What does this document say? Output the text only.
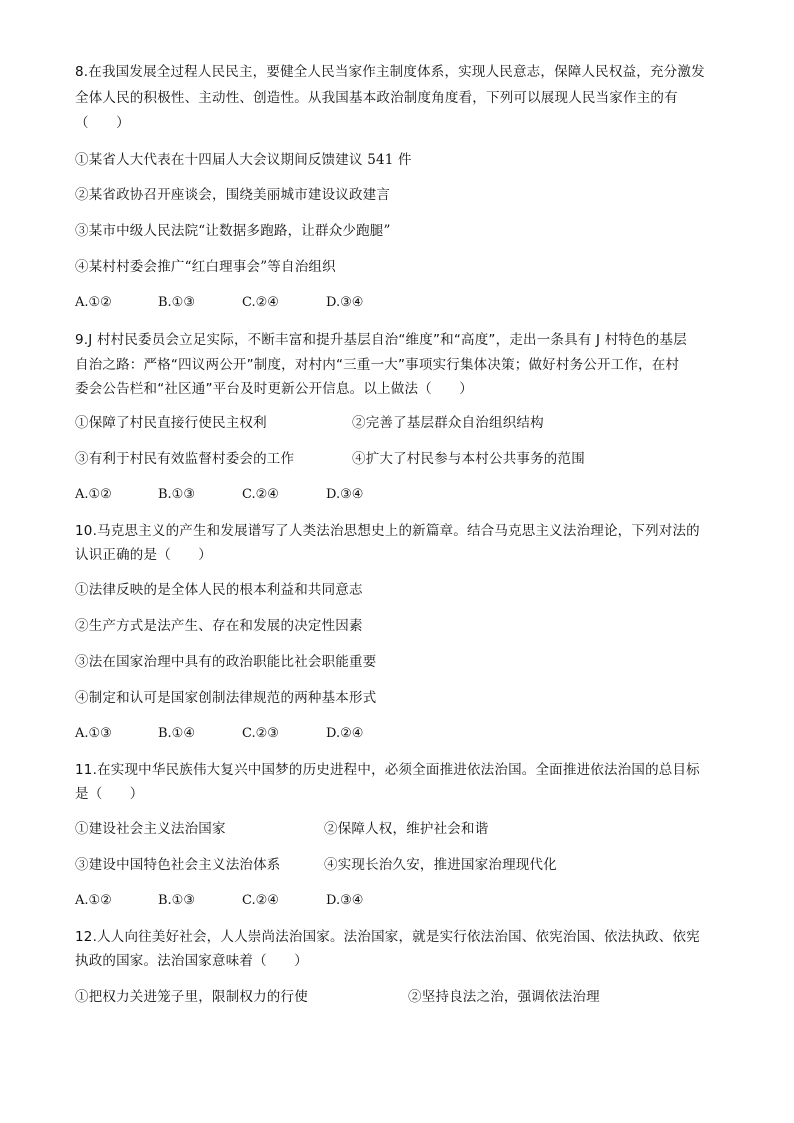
8.在我国发展全过程人民民主，要健全人民当家作主制度体系，实现人民意志，保障人民权益，充分激发
全体人民的积极性、主动性、创造性。从我国基本政治制度角度看，下列可以展现人民当家作主的有
（　　）
①某省人大代表在十四届人大会议期间反馈建议 541 件
②某省政协召开座谈会，围绕美丽城市建设议政建言
③某市中级人民法院“让数据多跑路，让群众少跑腿”
④某村村委会推广“红白理事会”等自治组织
A.①②	B.①③	C.②④	D.③④
9.J 村村民委员会立足实际，不断丰富和提升基层自治“维度”和“高度”，走出一条具有 J 村特色的基层
自治之路：严格“四议两公开”制度，对村内“三重一大”事项实行集体决策；做好村务公开工作，在村
委会公告栏和“社区通”平台及时更新公开信息。以上做法（　　）
①保障了村民直接行使民主权利	②完善了基层群众自治组织结构
③有利于村民有效监督村委会的工作	④扩大了村民参与本村公共事务的范围
A.①②	B.①③	C.②④	D.③④
10.马克思主义的产生和发展谱写了人类法治思想史上的新篇章。结合马克思主义法治理论，下列对法的
认识正确的是（　　）
①法律反映的是全体人民的根本利益和共同意志
②生产方式是法产生、存在和发展的决定性因素
③法在国家治理中具有的政治职能比社会职能重要
④制定和认可是国家创制法律规范的两种基本形式
A.①③	B.①④	C.②③	D.②④
11.在实现中华民族伟大复兴中国梦的历史进程中，必须全面推进依法治国。全面推进依法治国的总目标
是（　　）
①建设社会主义法治国家	②保障人权，维护社会和谐
③建设中国特色社会主义法治体系	④实现长治久安，推进国家治理现代化
A.①②	B.①③	C.②④	D.③④
12.人人向往美好社会，人人崇尚法治国家。法治国家，就是实行依法治国、依宪治国、依法执政、依宪
执政的国家。法治国家意味着（　　）
①把权力关进笼子里，限制权力的行使	②坚持良法之治，强调依法治理
